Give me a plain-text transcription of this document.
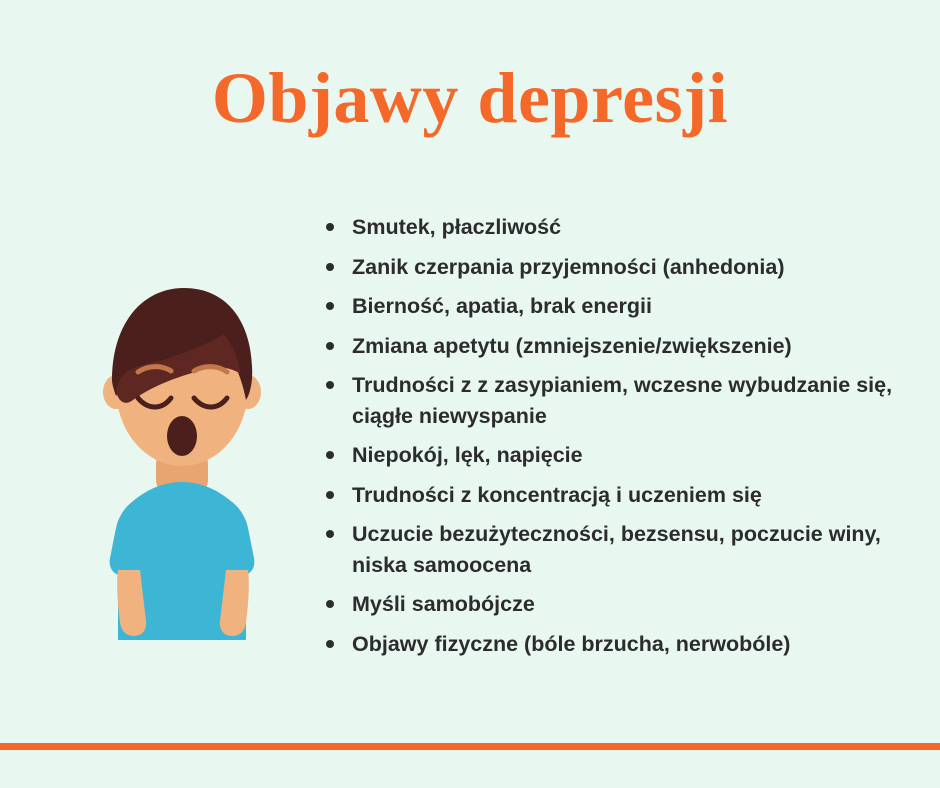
Objawy depresji
Smutek, płaczliwość
Zanik czerpania przyjemności (anhedonia)
Bierność, apatia, brak energii
Zmiana apetytu (zmniejszenie/zwiększenie)
Trudności z z zasypianiem, wczesne wybudzanie się, ciągłe niewyspanie
Niepokój, lęk, napięcie
Trudności z koncentracją i uczeniem się
Uczucie bezużyteczności, bezsensu, poczucie winy, niska samoocena
Myśli samobójcze
Objawy fizyczne (bóle brzucha, nerwobóle)
